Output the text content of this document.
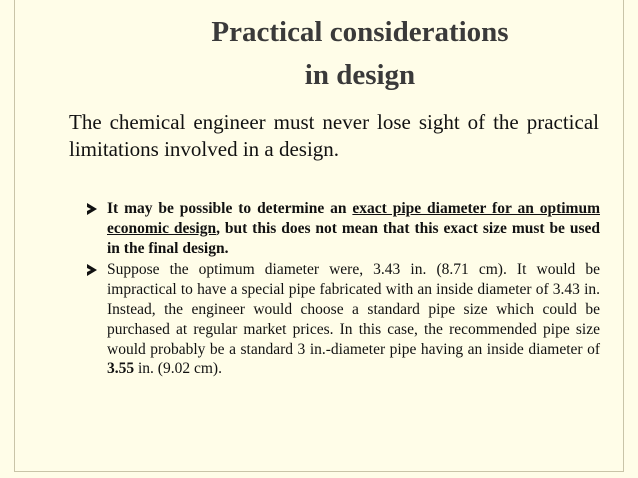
Practical considerations
in design

The chemical engineer must never lose sight of the practical limitations involved in a design.

It may be possible to determine an exact pipe diameter for an optimum economic design, but this does not mean that this exact size must be used in the final design.
Suppose the optimum diameter were, 3.43 in. (8.71 cm). It would be impractical to have a special pipe fabricated with an inside diameter of 3.43 in. Instead, the engineer would choose a standard pipe size which could be purchased at regular market prices. In this case, the recommended pipe size would probably be a standard 3 in.-diameter pipe having an inside diameter of 3.55 in. (9.02 cm).
